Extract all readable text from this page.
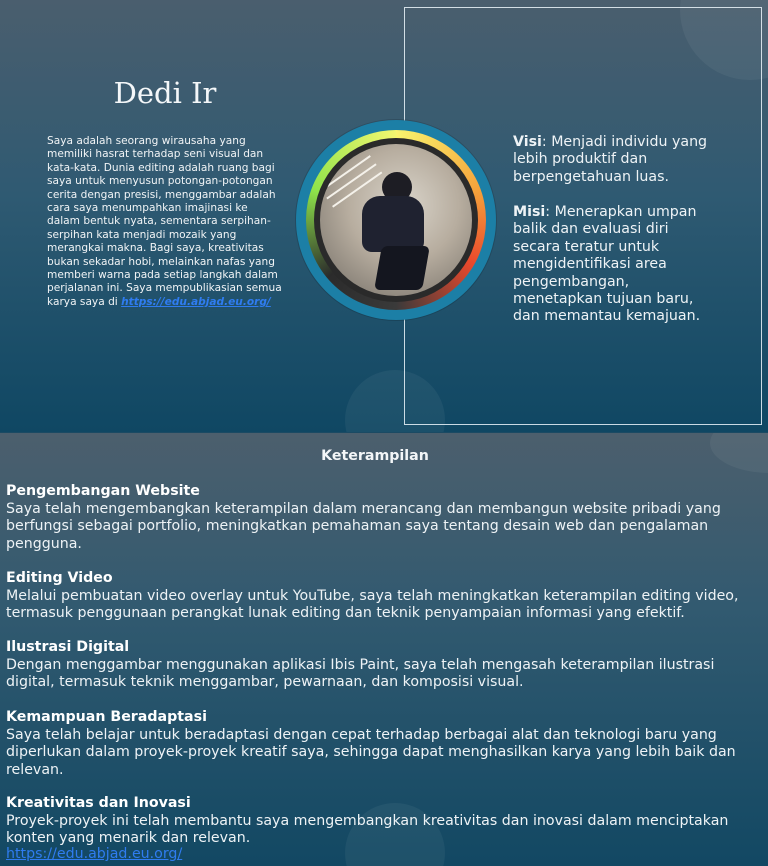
Dedi Ir

Saya adalah seorang wirausaha yang memiliki hasrat terhadap seni visual dan kata-kata. Dunia editing adalah ruang bagi saya untuk menyusun potongan-potongan cerita dengan presisi, menggambar adalah cara saya menumpahkan imajinasi ke dalam bentuk nyata, sementara serpihan-serpihan kata menjadi mozaik yang merangkai makna. Bagi saya, kreativitas bukan sekadar hobi, melainkan nafas yang memberi warna pada setiap langkah dalam perjalanan ini. Saya mempublikasian semua karya saya di https://edu.abjad.eu.org/

Visi: Menjadi individu yang lebih produktif dan berpengetahuan luas.

Misi: Menerapkan umpan balik dan evaluasi diri secara teratur untuk mengidentifikasi area pengembangan, menetapkan tujuan baru, dan memantau kemajuan.

Keterampilan
Pengembangan Website

Saya telah mengembangkan keterampilan dalam merancang dan membangun website pribadi yang berfungsi sebagai portfolio, meningkatkan pemahaman saya tentang desain web dan pengalaman pengguna.

Editing Video

Melalui pembuatan video overlay untuk YouTube, saya telah meningkatkan keterampilan editing video, termasuk penggunaan perangkat lunak editing dan teknik penyampaian informasi yang efektif.

Ilustrasi Digital

Dengan menggambar menggunakan aplikasi Ibis Paint, saya telah mengasah keterampilan ilustrasi digital, termasuk teknik menggambar, pewarnaan, dan komposisi visual.

Kemampuan Beradaptasi

Saya telah belajar untuk beradaptasi dengan cepat terhadap berbagai alat dan teknologi baru yang diperlukan dalam proyek-proyek kreatif saya, sehingga dapat menghasilkan karya yang lebih baik dan relevan.

Kreativitas dan Inovasi

Proyek-proyek ini telah membantu saya mengembangkan kreativitas dan inovasi dalam menciptakan konten yang menarik dan relevan.

https://edu.abjad.eu.org/
